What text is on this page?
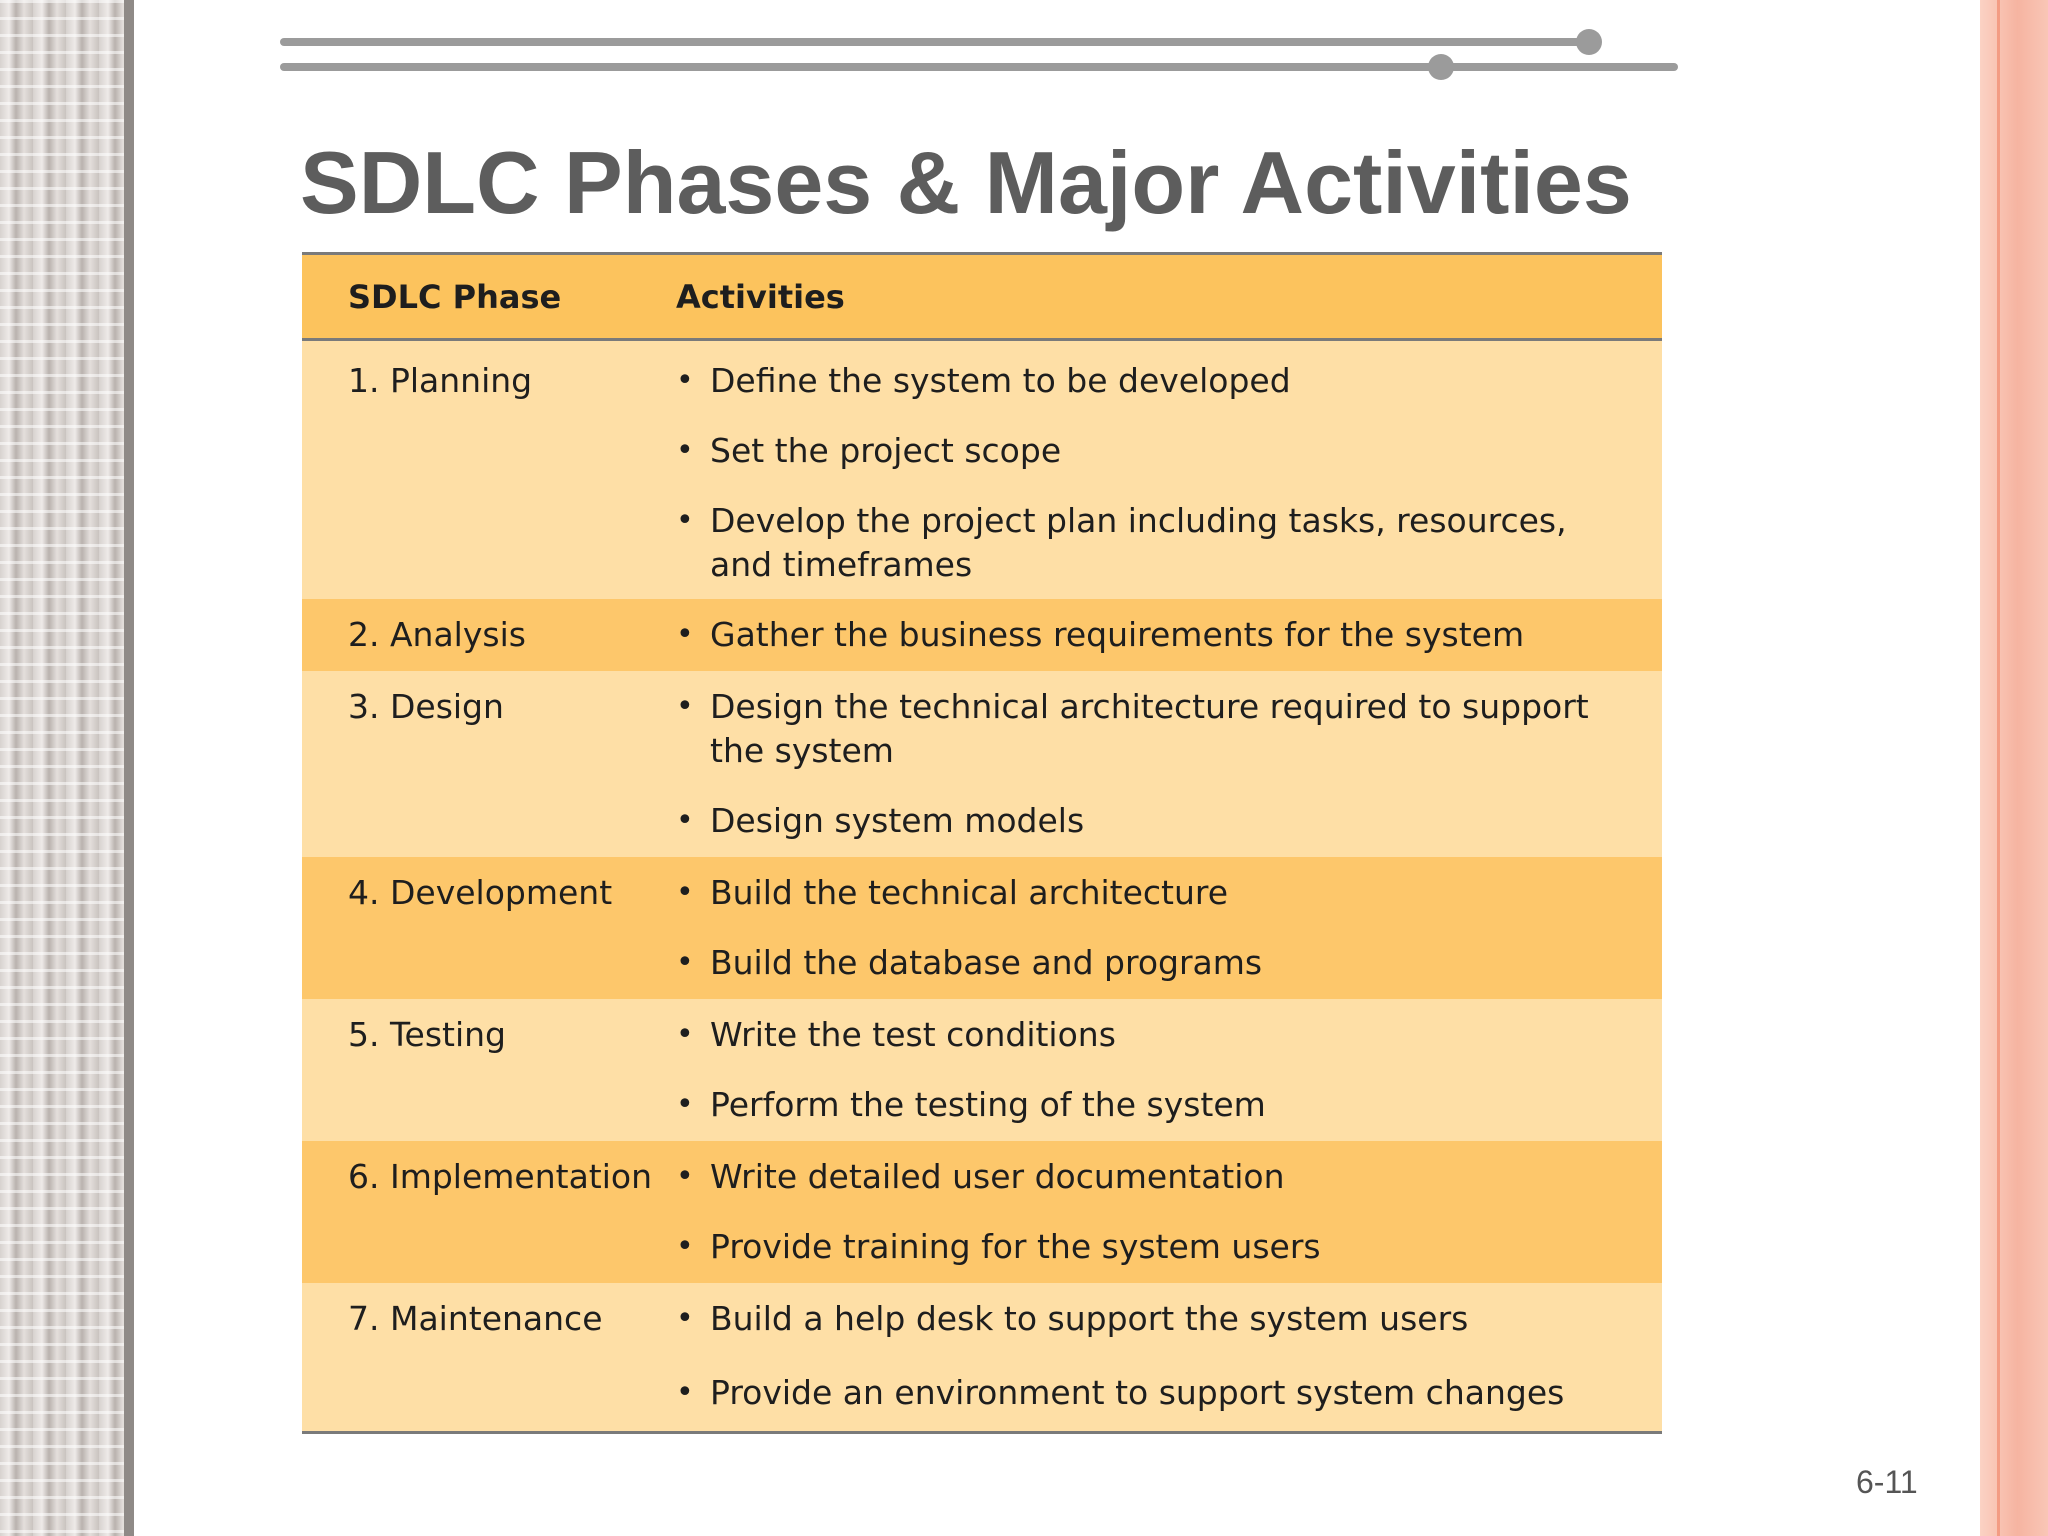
SDLC Phases & Major Activities
SDLC Phase	Activities
1. Planning	• Define the system to be developed
• Set the project scope
• Develop the project plan including tasks, resources, and timeframes
2. Analysis	• Gather the business requirements for the system
3. Design	• Design the technical architecture required to support the system
• Design system models
4. Development	• Build the technical architecture
• Build the database and programs
5. Testing	• Write the test conditions
• Perform the testing of the system
6. Implementation • Write detailed user documentation
• Provide training for the system users
7. Maintenance	• Build a help desk to support the system users
• Provide an environment to support system changes
6-11
